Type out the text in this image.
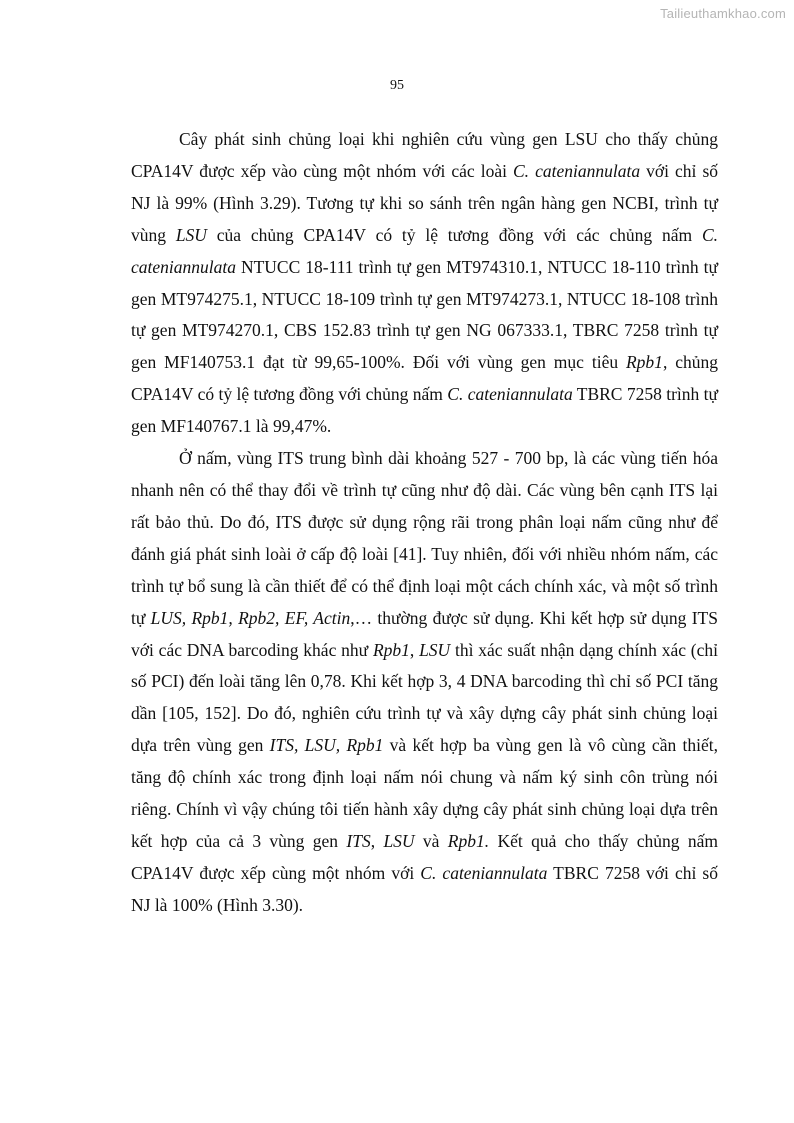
Tailieuthamkhao.com
95

Cây phát sinh chủng loại khi nghiên cứu vùng gen LSU cho thấy chủng CPA14V được xếp vào cùng một nhóm với các loài C. cateniannulata với chỉ số NJ là 99% (Hình 3.29). Tương tự khi so sánh trên ngân hàng gen NCBI, trình tự vùng LSU của chủng CPA14V có tỷ lệ tương đồng với các chủng nấm C. cateniannulata NTUCC 18-111 trình tự gen MT974310.1, NTUCC 18-110 trình tự gen MT974275.1, NTUCC 18-109 trình tự gen MT974273.1, NTUCC 18-108 trình tự gen MT974270.1, CBS 152.83 trình tự gen NG 067333.1, TBRC 7258 trình tự gen MF140753.1 đạt từ 99,65-100%. Đối với vùng gen mục tiêu Rpb1, chủng CPA14V có tỷ lệ tương đồng với chủng nấm C. cateniannulata TBRC 7258 trình tự gen MF140767.1 là 99,47%.

Ở nấm, vùng ITS trung bình dài khoảng 527 - 700 bp, là các vùng tiến hóa nhanh nên có thể thay đổi về trình tự cũng như độ dài. Các vùng bên cạnh ITS lại rất bảo thủ. Do đó, ITS được sử dụng rộng rãi trong phân loại nấm cũng như để đánh giá phát sinh loài ở cấp độ loài [41]. Tuy nhiên, đối với nhiều nhóm nấm, các trình tự bổ sung là cần thiết để có thể định loại một cách chính xác, và một số trình tự LUS, Rpb1, Rpb2, EF, Actin,… thường được sử dụng. Khi kết hợp sử dụng ITS với các DNA barcoding khác như Rpb1, LSU thì xác suất nhận dạng chính xác (chỉ số PCI) đến loài tăng lên 0,78. Khi kết hợp 3, 4 DNA barcoding thì chỉ số PCI tăng dần [105, 152]. Do đó, nghiên cứu trình tự và xây dựng cây phát sinh chủng loại dựa trên vùng gen ITS, LSU, Rpb1 và kết hợp ba vùng gen là vô cùng cần thiết, tăng độ chính xác trong định loại nấm nói chung và nấm ký sinh côn trùng nói riêng. Chính vì vậy chúng tôi tiến hành xây dựng cây phát sinh chủng loại dựa trên kết hợp của cả 3 vùng gen ITS, LSU và Rpb1. Kết quả cho thấy chủng nấm CPA14V được xếp cùng một nhóm với C. cateniannulata TBRC 7258 với chỉ số NJ là 100% (Hình 3.30).
